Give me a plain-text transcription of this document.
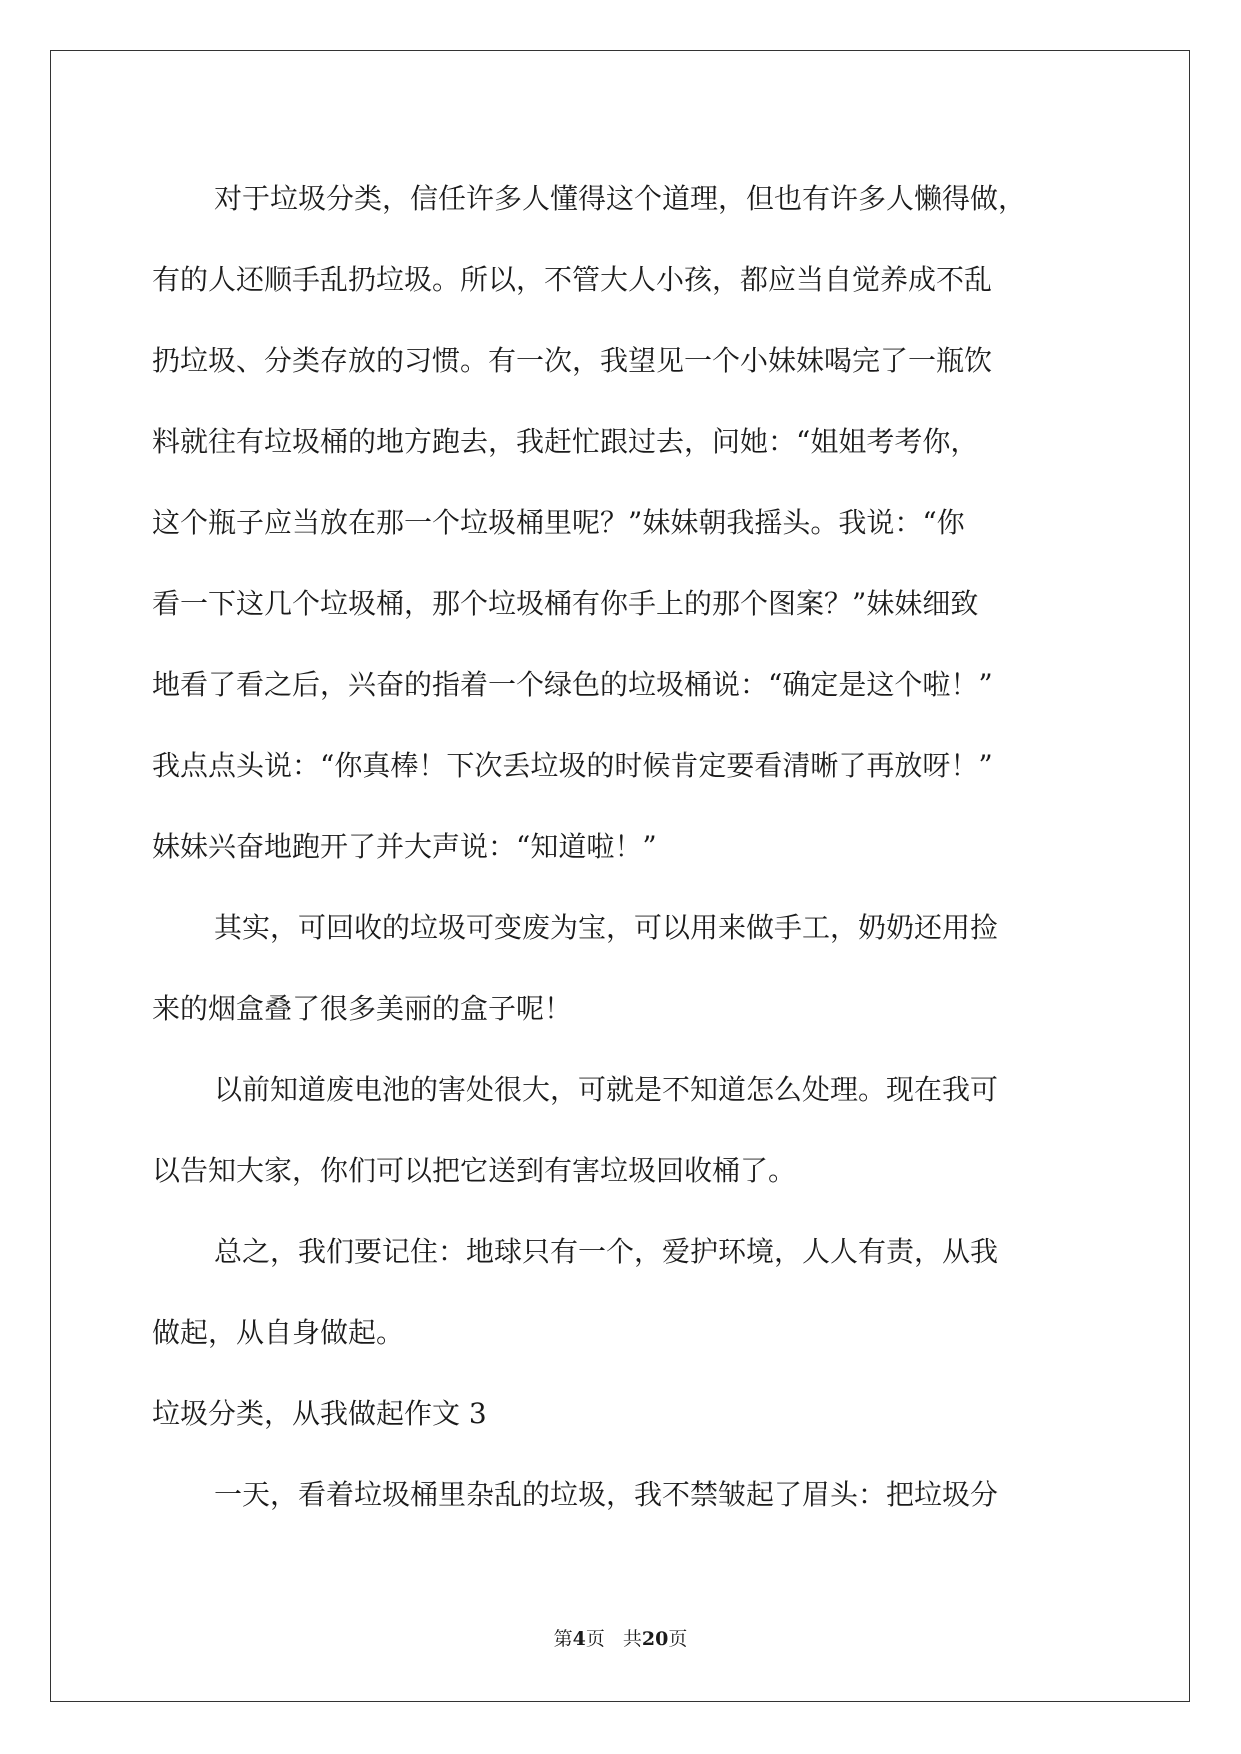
对于垃圾分类，信任许多人懂得这个道理，但也有许多人懒得做，
有的人还顺手乱扔垃圾。所以，不管大人小孩，都应当自觉养成不乱
扔垃圾、分类存放的习惯。有一次，我望见一个小妹妹喝完了一瓶饮
料就往有垃圾桶的地方跑去，我赶忙跟过去，问她：“姐姐考考你，
这个瓶子应当放在那一个垃圾桶里呢？”妹妹朝我摇头。我说：“你
看一下这几个垃圾桶，那个垃圾桶有你手上的那个图案？”妹妹细致
地看了看之后，兴奋的指着一个绿色的垃圾桶说：“确定是这个啦！”
我点点头说：“你真棒！下次丢垃圾的时候肯定要看清晰了再放呀！”
妹妹兴奋地跑开了并大声说：“知道啦！”
其实，可回收的垃圾可变废为宝，可以用来做手工，奶奶还用捡
来的烟盒叠了很多美丽的盒子呢！
以前知道废电池的害处很大，可就是不知道怎么处理。现在我可
以告知大家，你们可以把它送到有害垃圾回收桶了。
总之，我们要记住：地球只有一个，爱护环境，人人有责，从我
做起，从自身做起。
垃圾分类，从我做起作文 3
一天，看着垃圾桶里杂乱的垃圾，我不禁皱起了眉头：把垃圾分
第4页 共20页
